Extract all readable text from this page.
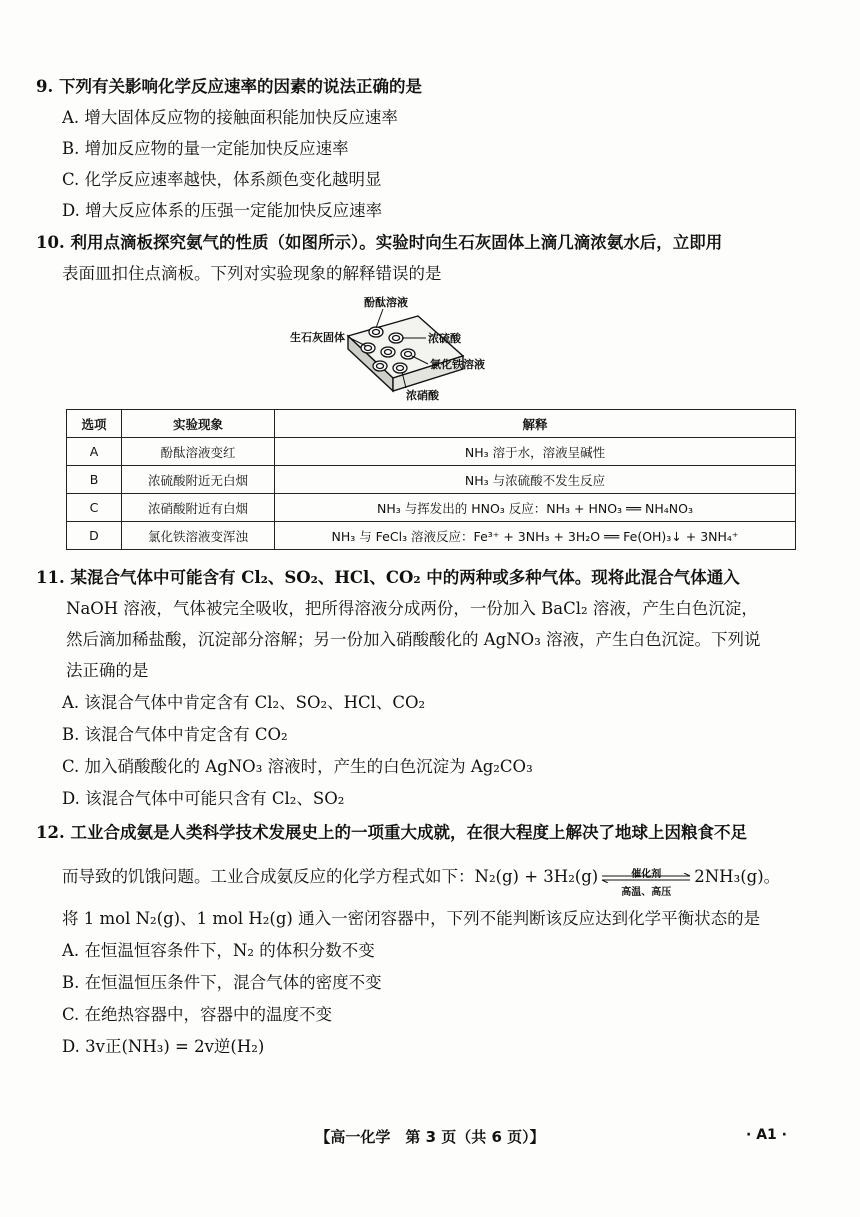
9. 下列有关影响化学反应速率的因素的说法正确的是
A. 增大固体反应物的接触面积能加快反应速率
B. 增加反应物的量一定能加快反应速率
C. 化学反应速率越快，体系颜色变化越明显
D. 增大反应体系的压强一定能加快反应速率
10. 利用点滴板探究氨气的性质（如图所示）。实验时向生石灰固体上滴几滴浓氨水后，立即用
表面皿扣住点滴板。下列对实验现象的解释错误的是
酚酞溶液
生石灰固体	浓硫酸
氯化铁溶液
浓硝酸
选项	实验现象	解释
A	酚酞溶液变红	NH₃ 溶于水，溶液呈碱性
B	浓硫酸附近无白烟	NH₃ 与浓硫酸不发生反应
C	浓硝酸附近有白烟	NH₃ 与挥发出的 HNO₃ 反应：NH₃ + HNO₃ ══ NH₄NO₃
D	氯化铁溶液变浑浊	NH₃ 与 FeCl₃ 溶液反应：Fe³⁺ + 3NH₃ + 3H₂O ══ Fe(OH)₃↓ + 3NH₄⁺
11. 某混合气体中可能含有 Cl₂、SO₂、HCl、CO₂ 中的两种或多种气体。现将此混合气体通入
NaOH 溶液，气体被完全吸收，把所得溶液分成两份，一份加入 BaCl₂ 溶液，产生白色沉淀，
然后滴加稀盐酸，沉淀部分溶解；另一份加入硝酸酸化的 AgNO₃ 溶液，产生白色沉淀。下列说
法正确的是
A. 该混合气体中肯定含有 Cl₂、SO₂、HCl、CO₂
B. 该混合气体中肯定含有 CO₂
C. 加入硝酸酸化的 AgNO₃ 溶液时，产生的白色沉淀为 Ag₂CO₃
D. 该混合气体中可能只含有 Cl₂、SO₂
12. 工业合成氨是人类科学技术发展史上的一项重大成就，在很大程度上解决了地球上因粮食不足
而导致的饥饿问题。工业合成氨反应的化学方程式如下：N₂(g) + 3H₂(g)	催化剂
高温、高压
2NH₃(g)。
将 1 mol N₂(g)、1 mol H₂(g) 通入一密闭容器中，下列不能判断该反应达到化学平衡状态的是
A. 在恒温恒容条件下，N₂ 的体积分数不变
B. 在恒温恒压条件下，混合气体的密度不变
C. 在绝热容器中，容器中的温度不变
D. 3v正(NH₃) = 2v逆(H₂)
【高一化学　第 3 页（共 6 页）】	· A1 ·
